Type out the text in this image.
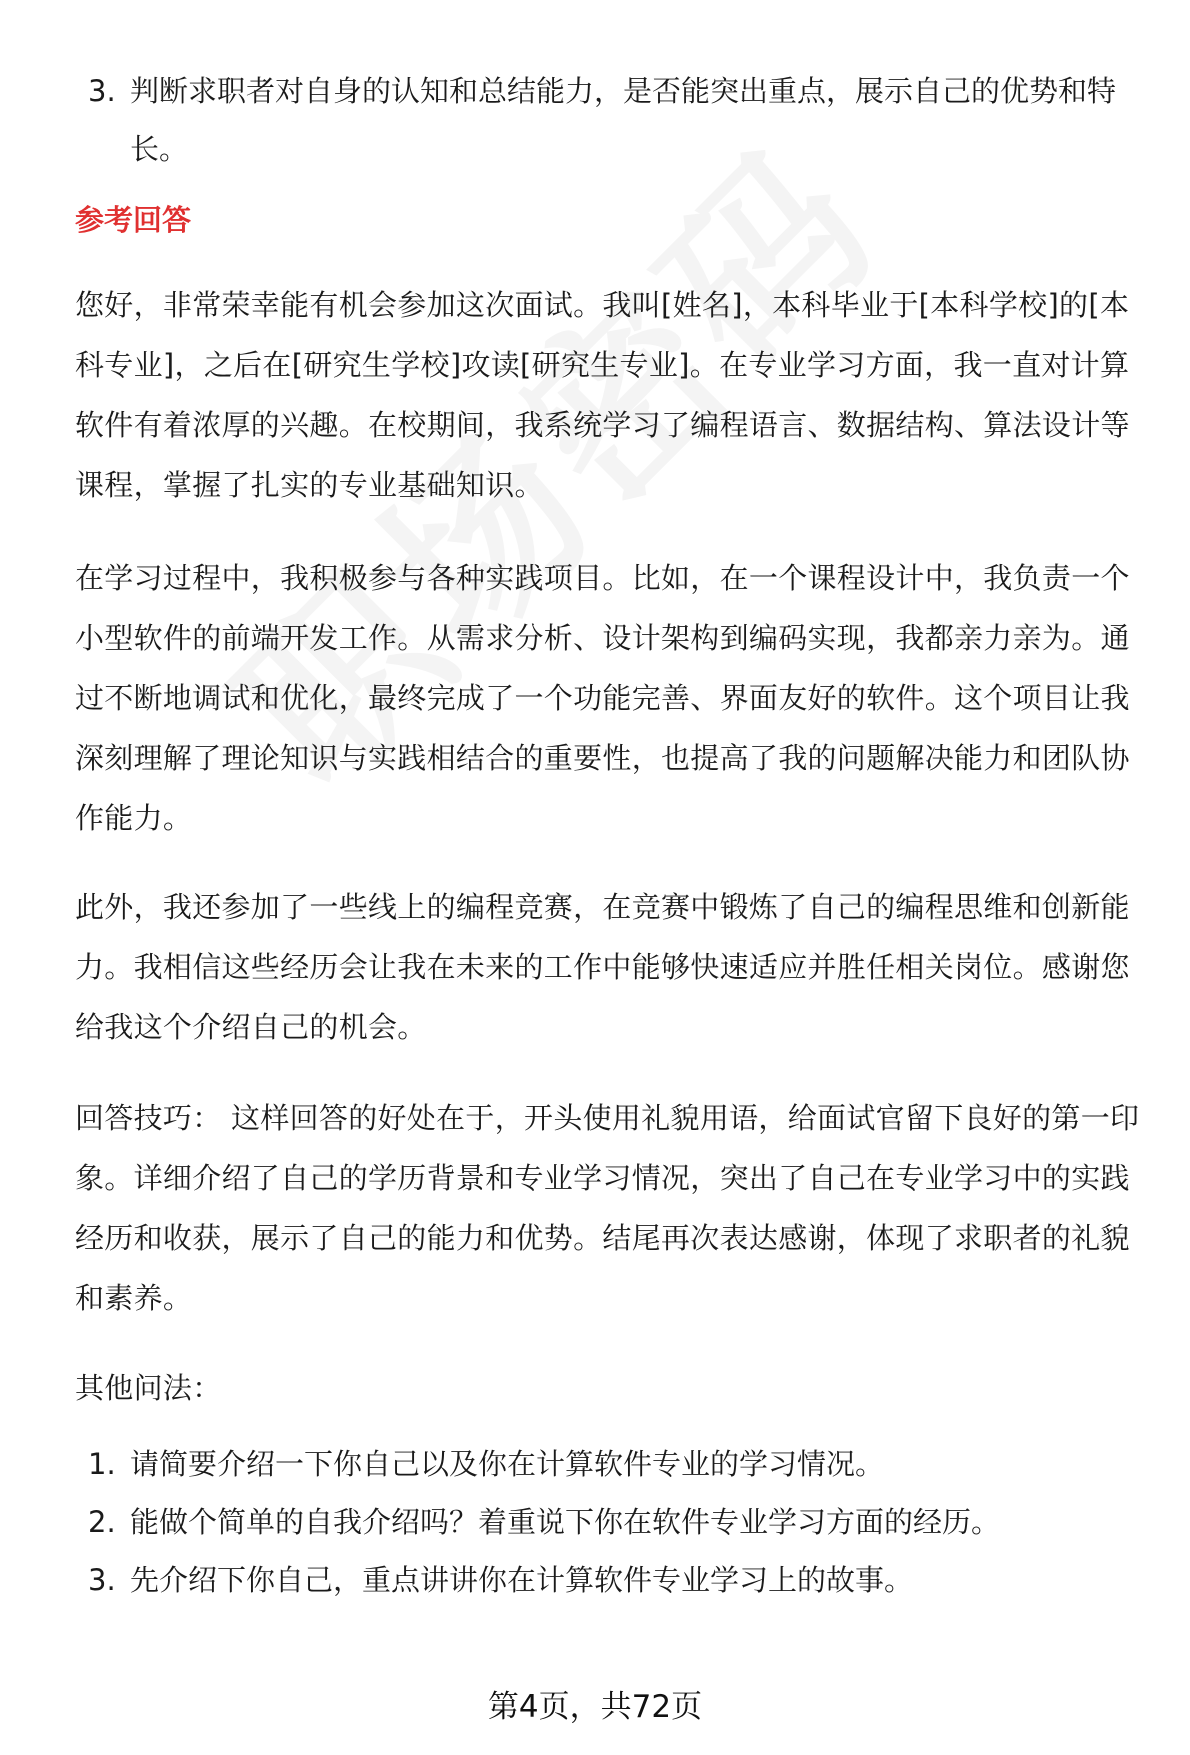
3. 判断求职者对自身的认知和总结能力，是否能突出重点，展示自己的优势和特长。
参考回答

您好，非常荣幸能有机会参加这次面试。我叫[姓名]，本科毕业于[本科学校]的[本科专业]，之后在[研究生学校]攻读[研究生专业]。在专业学习方面，我一直对计算软件有着浓厚的兴趣。在校期间，我系统学习了编程语言、数据结构、算法设计等课程，掌握了扎实的专业基础知识。

在学习过程中，我积极参与各种实践项目。比如，在一个课程设计中，我负责一个小型软件的前端开发工作。从需求分析、设计架构到编码实现，我都亲力亲为。通过不断地调试和优化，最终完成了一个功能完善、界面友好的软件。这个项目让我深刻理解了理论知识与实践相结合的重要性，也提高了我的问题解决能力和团队协作能力。

此外，我还参加了一些线上的编程竞赛，在竞赛中锻炼了自己的编程思维和创新能力。我相信这些经历会让我在未来的工作中能够快速适应并胜任相关岗位。感谢您给我这个介绍自己的机会。

回答技巧： 这样回答的好处在于，开头使用礼貌用语，给面试官留下良好的第一印象。详细介绍了自己的学历背景和专业学习情况，突出了自己在专业学习中的实践经历和收获，展示了自己的能力和优势。结尾再次表达感谢，体现了求职者的礼貌和素养。

其他问法：

1. 请简要介绍一下你自己以及你在计算软件专业的学习情况。
2. 能做个简单的自我介绍吗？着重说下你在软件专业学习方面的经历。
3. 先介绍下你自己，重点讲讲你在计算软件专业学习上的故事。
第4页，共72页
